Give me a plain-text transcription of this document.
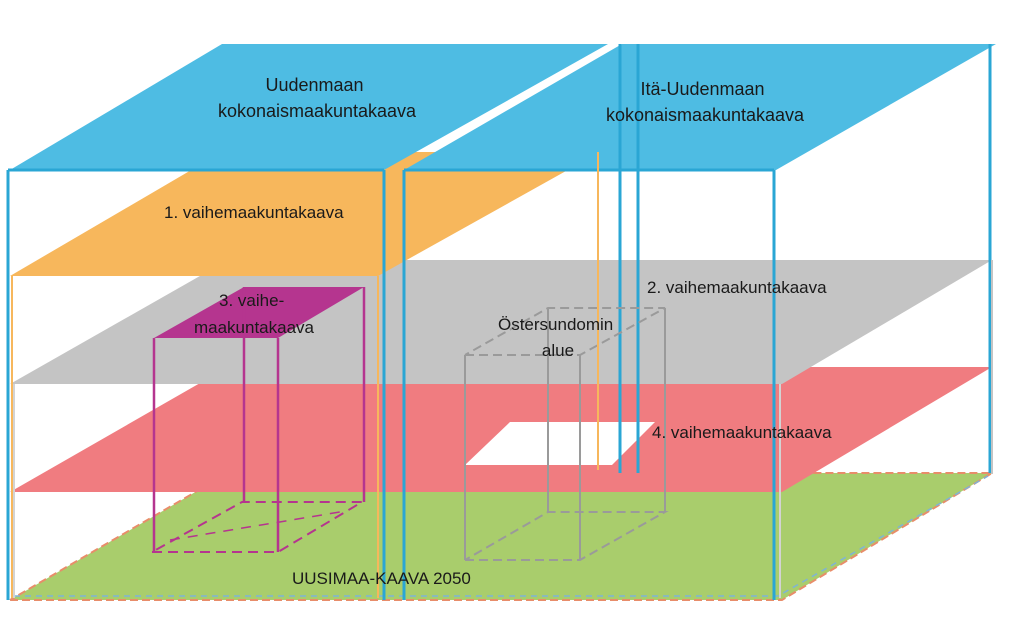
Uudenmaan kokonaismaakuntakaava
Itä-Uudenmaan kokonaismaakuntakaava
1. vaihemaakuntakaava
2. vaihemaakuntakaava
3. vaihe- maakuntakaava
4. vaihemaakuntakaava
Östersundomin alue
UUSIMAA-KAAVA 2050
